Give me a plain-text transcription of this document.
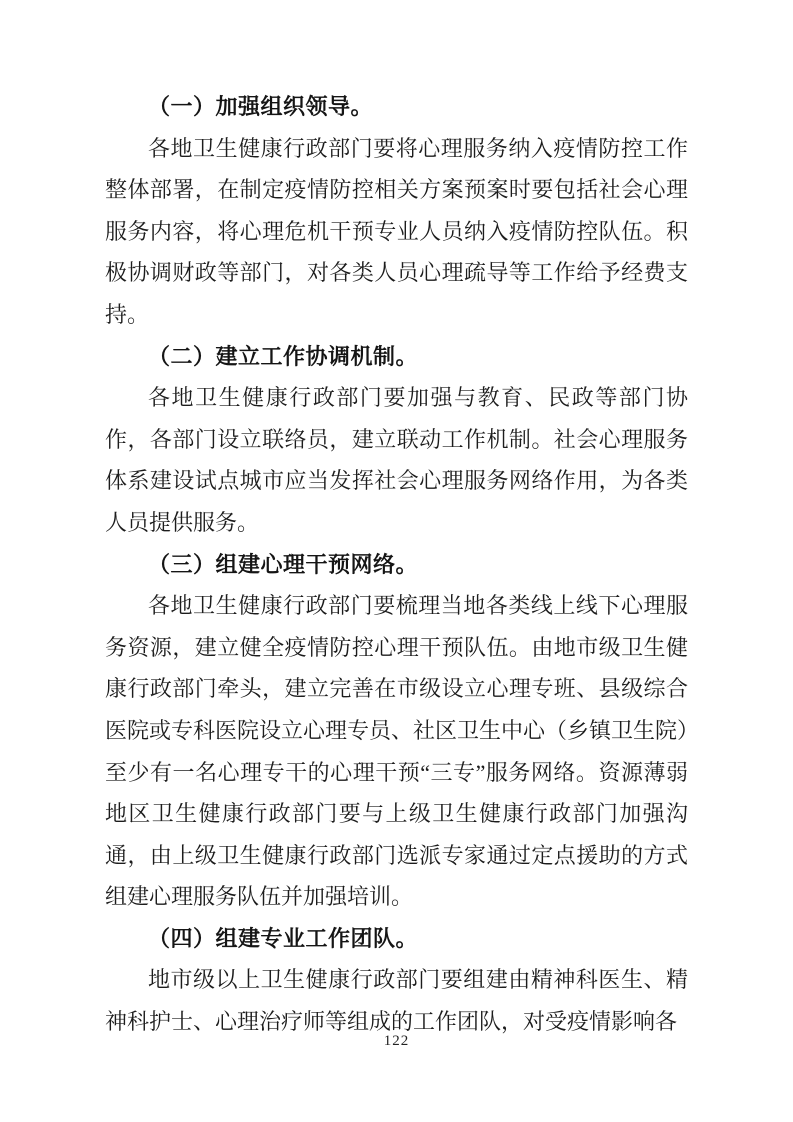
（一）加强组织领导。

各地卫生健康行政部门要将心理服务纳入疫情防控工作整体部署，在制定疫情防控相关方案预案时要包括社会心理服务内容，将心理危机干预专业人员纳入疫情防控队伍。积极协调财政等部门，对各类人员心理疏导等工作给予经费支持。

（二）建立工作协调机制。

各地卫生健康行政部门要加强与教育、民政等部门协作，各部门设立联络员，建立联动工作机制。社会心理服务体系建设试点城市应当发挥社会心理服务网络作用，为各类人员提供服务。

（三）组建心理干预网络。

各地卫生健康行政部门要梳理当地各类线上线下心理服务资源，建立健全疫情防控心理干预队伍。由地市级卫生健康行政部门牵头，建立完善在市级设立心理专班、县级综合医院或专科医院设立心理专员、社区卫生中心（乡镇卫生院）至少有一名心理专干的心理干预“三专”服务网络。资源薄弱地区卫生健康行政部门要与上级卫生健康行政部门加强沟通，由上级卫生健康行政部门选派专家通过定点援助的方式组建心理服务队伍并加强培训。

（四）组建专业工作团队。

地市级以上卫生健康行政部门要组建由精神科医生、精神科护士、心理治疗师等组成的工作团队，对受疫情影响各

122
